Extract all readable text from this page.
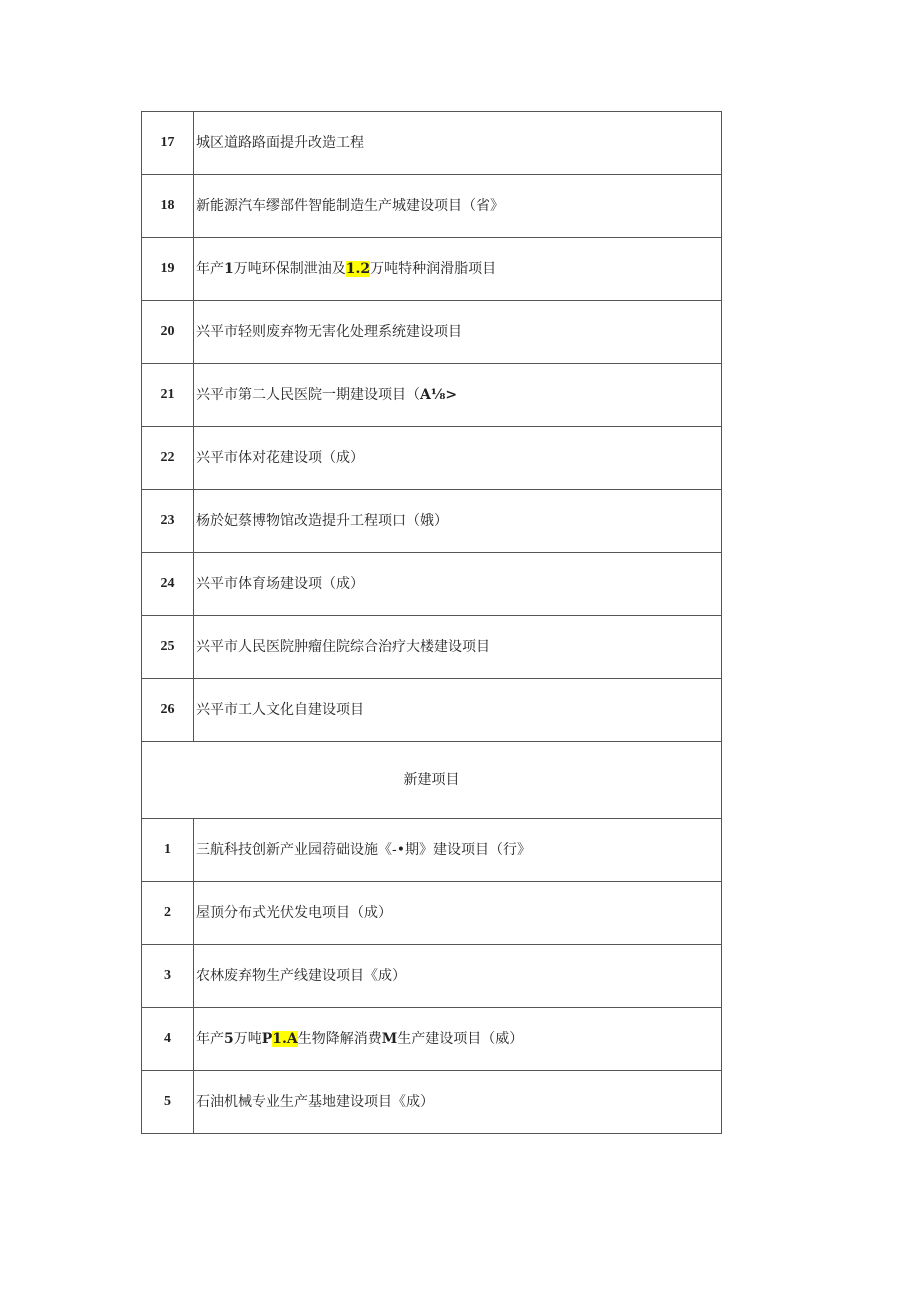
17	城区道路路面提升改造工程
18	新能源汽车缪部件智能制造生产城建设项目（省》
19	年产1万吨环保制泄油及1.2万吨特种润滑脂项目
20	兴平市轻则废弃物无害化处理系统建设项目
21	兴平市第二人民医院一期建设项目（A⅛>
22	兴平市体对花建设项（成）
23	杨於妃蔡博物馆改造提升工程项口（娥）
24	兴平市体育场建设项（成）
25	兴平市人民医院肿瘤住院综合治疗大楼建设项目
26	兴平市工人文化自建设项目
新建项目	
1	三航科技创新产业园葕础设施《-•期》建设项目（行》
2	屋顶分布式光伏发电项目（成）
3	农林废弃物生产线建设项目《成）
4	年产5万吨P1.A生物降解消费M生产建设项目（威）
5	石油机械专业生产基地建设项目《成）
